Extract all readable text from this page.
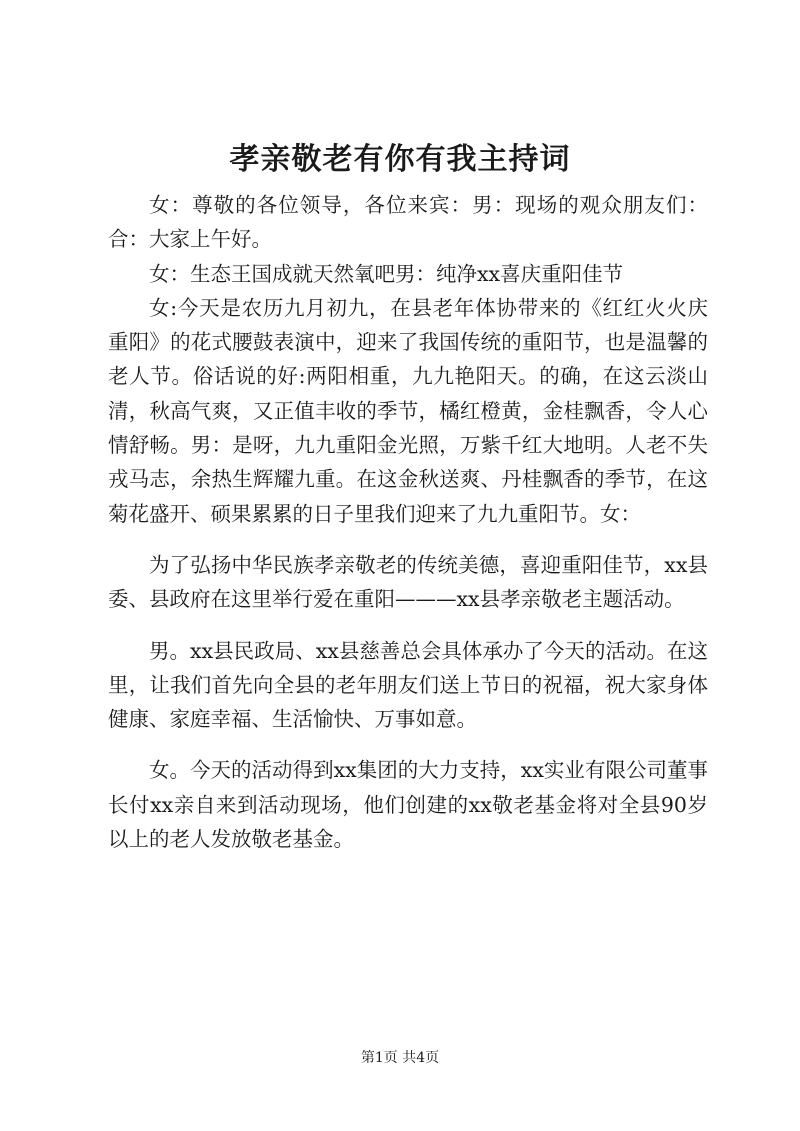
孝亲敬老有你有我主持词

女：尊敬的各位领导，各位来宾：男：现场的观众朋友们：合：大家上午好。

女：生态王国成就天然氧吧男：纯净xx喜庆重阳佳节

女:今天是农历九月初九，在县老年体协带来的《红红火火庆重阳》的花式腰鼓表演中，迎来了我国传统的重阳节，也是温馨的老人节。俗话说的好:两阳相重，九九艳阳天。的确，在这云淡山清，秋高气爽，又正值丰收的季节，橘红橙黄，金桂飘香，令人心情舒畅。男：是呀，九九重阳金光照，万紫千红大地明。人老不失戎马志，余热生辉耀九重。在这金秋送爽、丹桂飘香的季节，在这菊花盛开、硕果累累的日子里我们迎来了九九重阳节。女：

为了弘扬中华民族孝亲敬老的传统美德，喜迎重阳佳节，xx县委、县政府在这里举行爱在重阳———xx县孝亲敬老主题活动。

男。xx县民政局、xx县慈善总会具体承办了今天的活动。在这里，让我们首先向全县的老年朋友们送上节日的祝福，祝大家身体健康、家庭幸福、生活愉快、万事如意。

女。今天的活动得到xx集团的大力支持，xx实业有限公司董事长付xx亲自来到活动现场，他们创建的xx敬老基金将对全县90岁以上的老人发放敬老基金。

第1页 共4页
